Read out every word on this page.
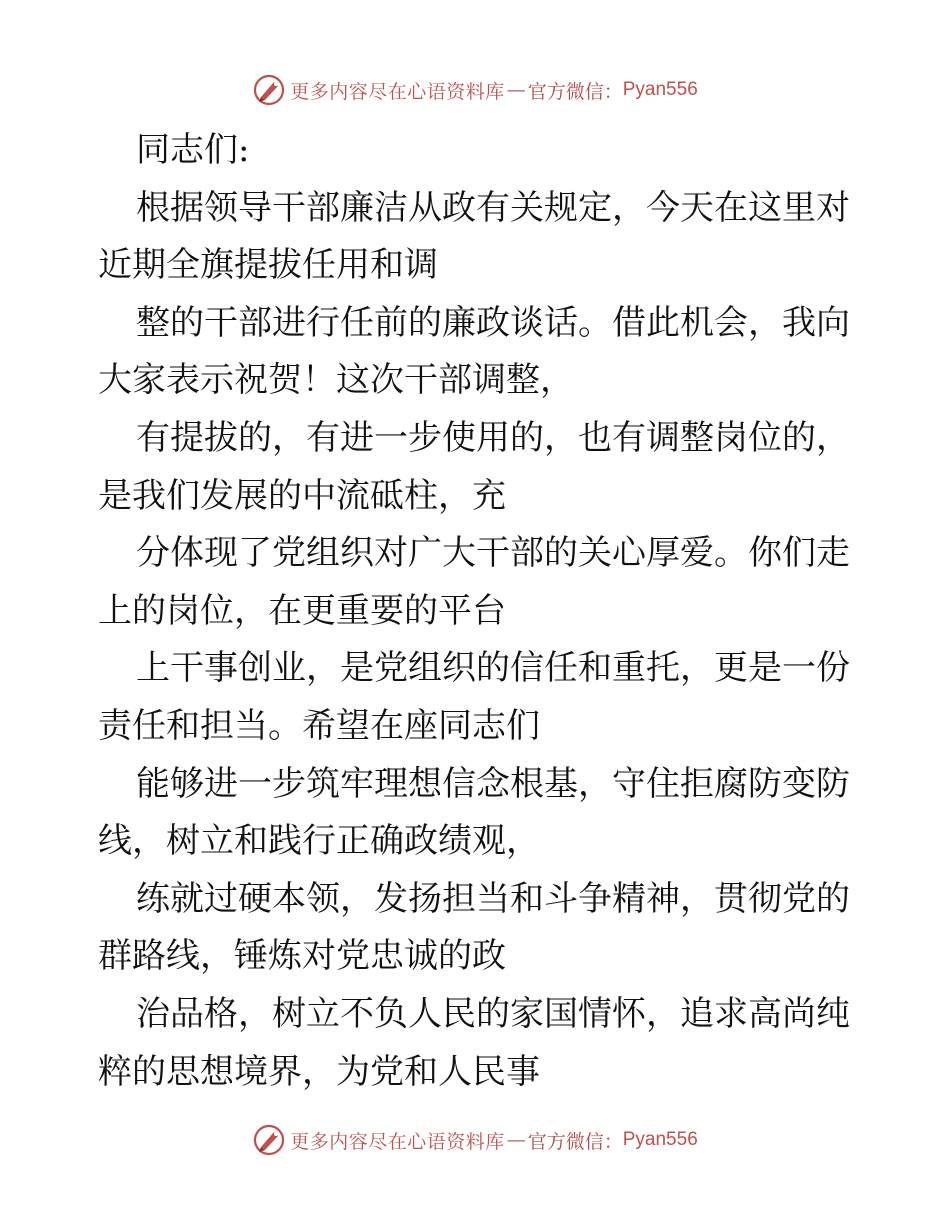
更多内容尽在心语资料库 — 官方微信： Pyan556

同志们:

根据领导干部廉洁从政有关规定，今天在这里对

近期全旗提拔任用和调

整的干部进行任前的廉政谈话。借此机会，我向

大家表示祝贺！这次干部调整，

有提拔的，有进一步使用的，也有调整岗位的，

是我们发展的中流砥柱，充

分体现了党组织对广大干部的关心厚爱。你们走

上的岗位，在更重要的平台

上干事创业，是党组织的信任和重托，更是一份

责任和担当。希望在座同志们

能够进一步筑牢理想信念根基，守住拒腐防变防

线，树立和践行正确政绩观，

练就过硬本领，发扬担当和斗争精神，贯彻党的

群路线，锤炼对党忠诚的政

治品格，树立不负人民的家国情怀，追求高尚纯

粹的思想境界，为党和人民事

更多内容尽在心语资料库 — 官方微信： Pyan556
